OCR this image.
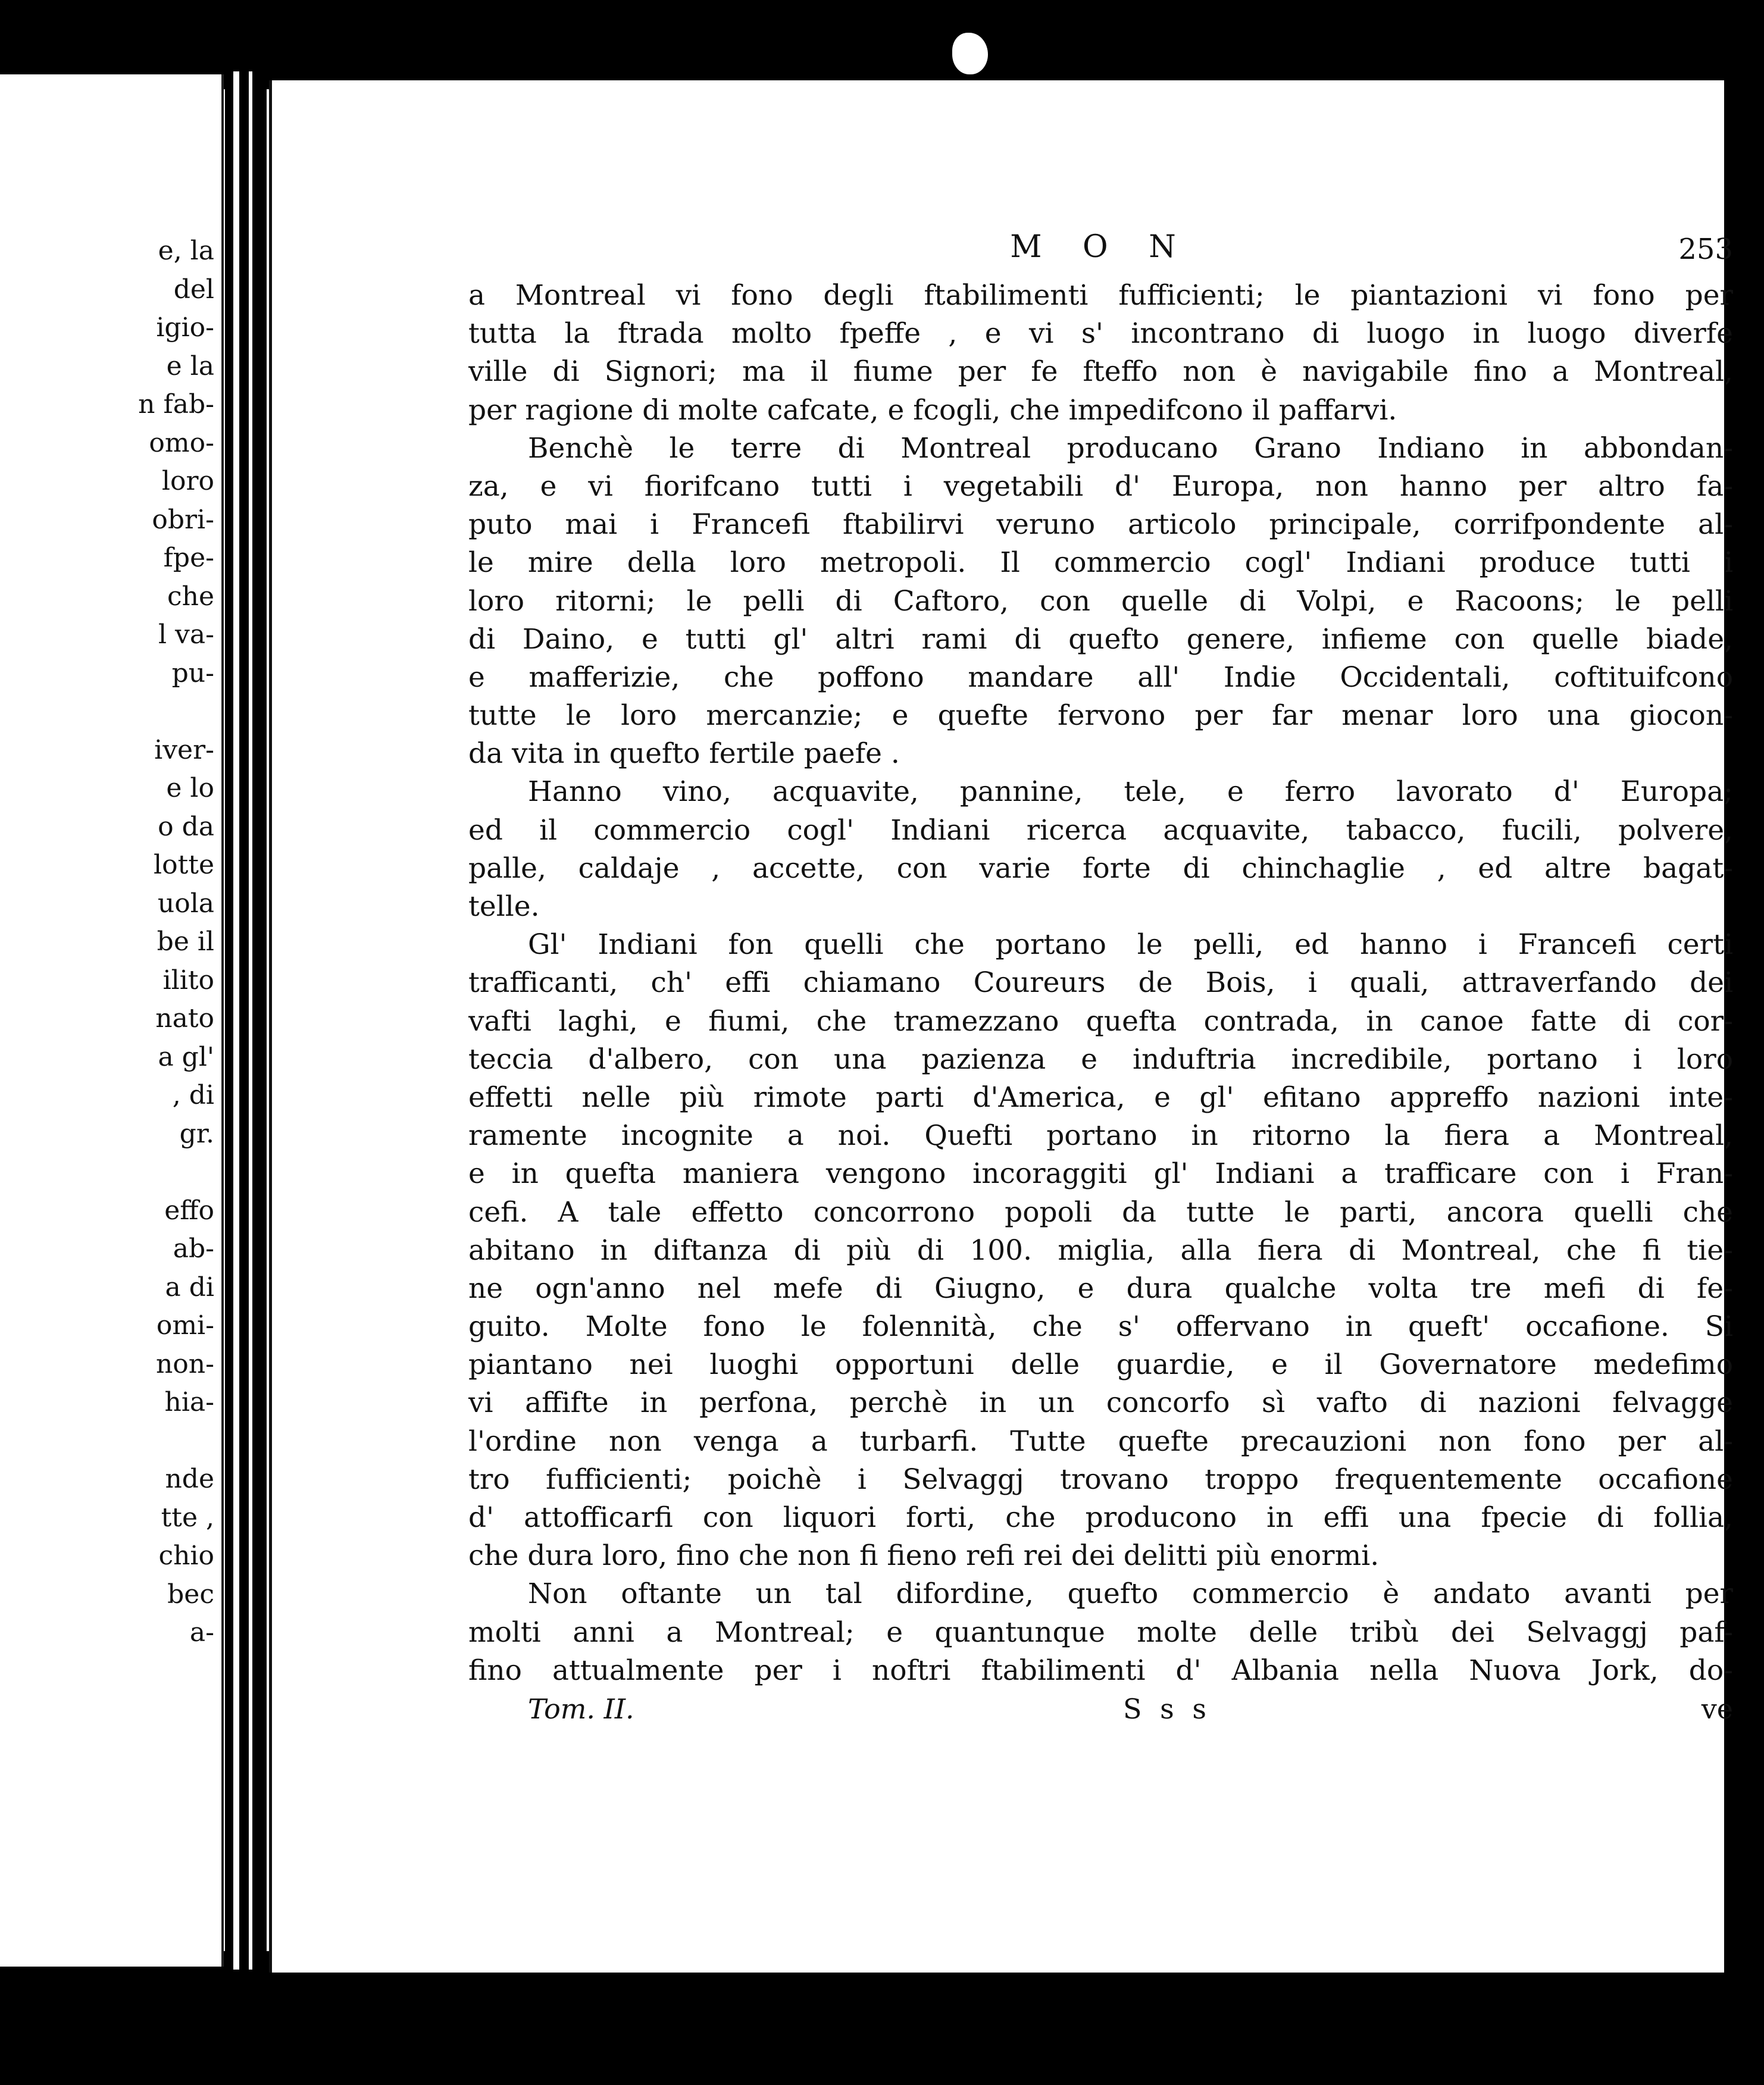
e, la
del
igio-
e la
n fab-
omo-
loro
obri-
fpe-
che
l va-
pu-

iver-
e lo
o da
lotte
uola
be il
ilito
nato
a gl'
, di
gr.

effo
ab-
a di
omi-
non-
hia-

nde
tte ,
chio
bec
a-
M O N	253
a Montreal vi fono degli ftabilimenti fufficienti; le piantazioni vi fono per
tutta la ftrada molto fpeffe , e vi s' incontrano di luogo in luogo diverfe
ville di Signori; ma il fiume per fe fteffo non è navigabile fino a Montreal,
per ragione di molte cafcate, e fcogli, che impedifcono il paffarvi.
Benchè le terre di Montreal producano Grano Indiano in abbondan-
za, e vi fiorifcano tutti i vegetabili d' Europa, non hanno per altro fa-
puto mai i Francefi ftabilirvi veruno articolo principale, corrifpondente al-
le mire della loro metropoli. Il commercio cogl' Indiani produce tutti i
loro ritorni; le pelli di Caftoro, con quelle di Volpi, e Racoons; le pelli
di Daino, e tutti gl' altri rami di quefto genere, infieme con quelle biade,
e mafferizie, che poffono mandare all' Indie Occidentali, coftituifcono
tutte le loro mercanzie; e quefte fervono per far menar loro una giocon-
da vita in quefto fertile paefe .
Hanno vino, acquavite, pannine, tele, e ferro lavorato d' Europa;
ed il commercio cogl' Indiani ricerca acquavite, tabacco, fucili, polvere,
palle, caldaje , accette, con varie forte di chinchaglie , ed altre bagat-
telle.
Gl' Indiani fon quelli che portano le pelli, ed hanno i Francefi certi
trafficanti, ch' effi chiamano Coureurs de Bois, i quali, attraverfando dei
vafti laghi, e fiumi, che tramezzano quefta contrada, in canoe fatte di cor-
teccia d'albero, con una pazienza e induftria incredibile, portano i loro
effetti nelle più rimote parti d'America, e gl' efitano appreffo nazioni inte-
ramente incognite a noi. Quefti portano in ritorno la fiera a Montreal,
e in quefta maniera vengono incoraggiti gl' Indiani a trafficare con i Fran-
cefi. A tale effetto concorrono popoli da tutte le parti, ancora quelli che
abitano in diftanza di più di 100. miglia, alla fiera di Montreal, che fi tie-
ne ogn'anno nel mefe di Giugno, e dura qualche volta tre mefi di fe-
guito. Molte fono le folennità, che s' offervano in queft' occafione. Si
piantano nei luoghi opportuni delle guardie, e il Governatore medefimo
vi affifte in perfona, perchè in un concorfo sì vafto di nazioni felvagge
l'ordine non venga a turbarfi. Tutte quefte precauzioni non fono per al-
tro fufficienti; poichè i Selvaggj trovano troppo frequentemente occafione
d' attofficarfi con liquori forti, che producono in effi una fpecie di follia,
che dura loro, fino che non fi fieno refi rei dei delitti più enormi.
Non oftante un tal difordine, quefto commercio è andato avanti per
molti anni a Montreal; e quantunque molte delle tribù dei Selvaggj paf-
fino attualmente per i noftri ftabilimenti d' Albania nella Nuova Jork, do-
Tom. II.	S s s	ve
